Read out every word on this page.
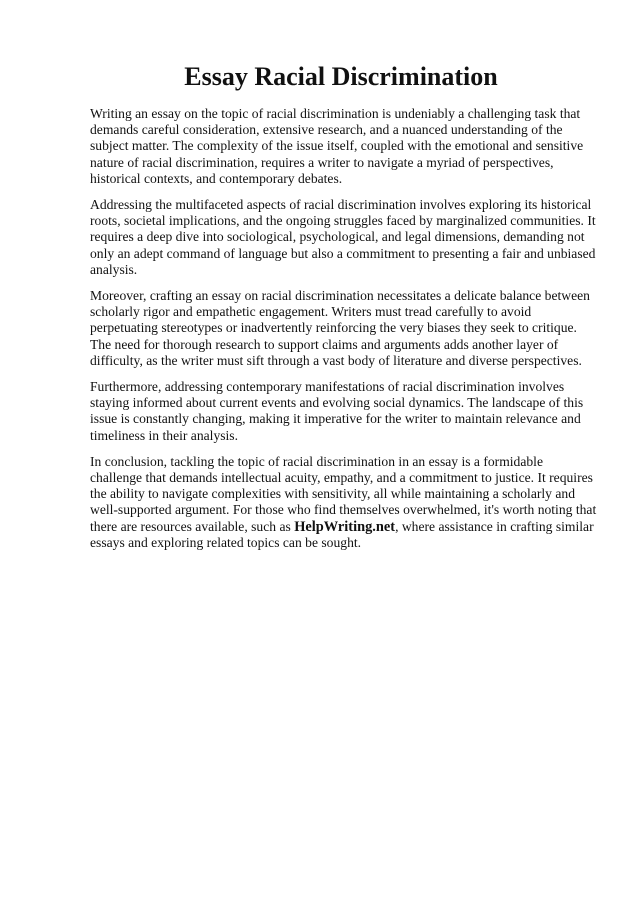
Essay Racial Discrimination

Writing an essay on the topic of racial discrimination is undeniably a challenging task that demands careful consideration, extensive research, and a nuanced understanding of the subject matter. The complexity of the issue itself, coupled with the emotional and sensitive nature of racial discrimination, requires a writer to navigate a myriad of perspectives, historical contexts, and contemporary debates.

Addressing the multifaceted aspects of racial discrimination involves exploring its historical roots, societal implications, and the ongoing struggles faced by marginalized communities. It requires a deep dive into sociological, psychological, and legal dimensions, demanding not only an adept command of language but also a commitment to presenting a fair and unbiased analysis.

Moreover, crafting an essay on racial discrimination necessitates a delicate balance between scholarly rigor and empathetic engagement. Writers must tread carefully to avoid perpetuating stereotypes or inadvertently reinforcing the very biases they seek to critique. The need for thorough research to support claims and arguments adds another layer of difficulty, as the writer must sift through a vast body of literature and diverse perspectives.

Furthermore, addressing contemporary manifestations of racial discrimination involves staying informed about current events and evolving social dynamics. The landscape of this issue is constantly changing, making it imperative for the writer to maintain relevance and timeliness in their analysis.

In conclusion, tackling the topic of racial discrimination in an essay is a formidable challenge that demands intellectual acuity, empathy, and a commitment to justice. It requires the ability to navigate complexities with sensitivity, all while maintaining a scholarly and well-supported argument. For those who find themselves overwhelmed, it's worth noting that there are resources available, such as HelpWriting.net, where assistance in crafting similar essays and exploring related topics can be sought.
